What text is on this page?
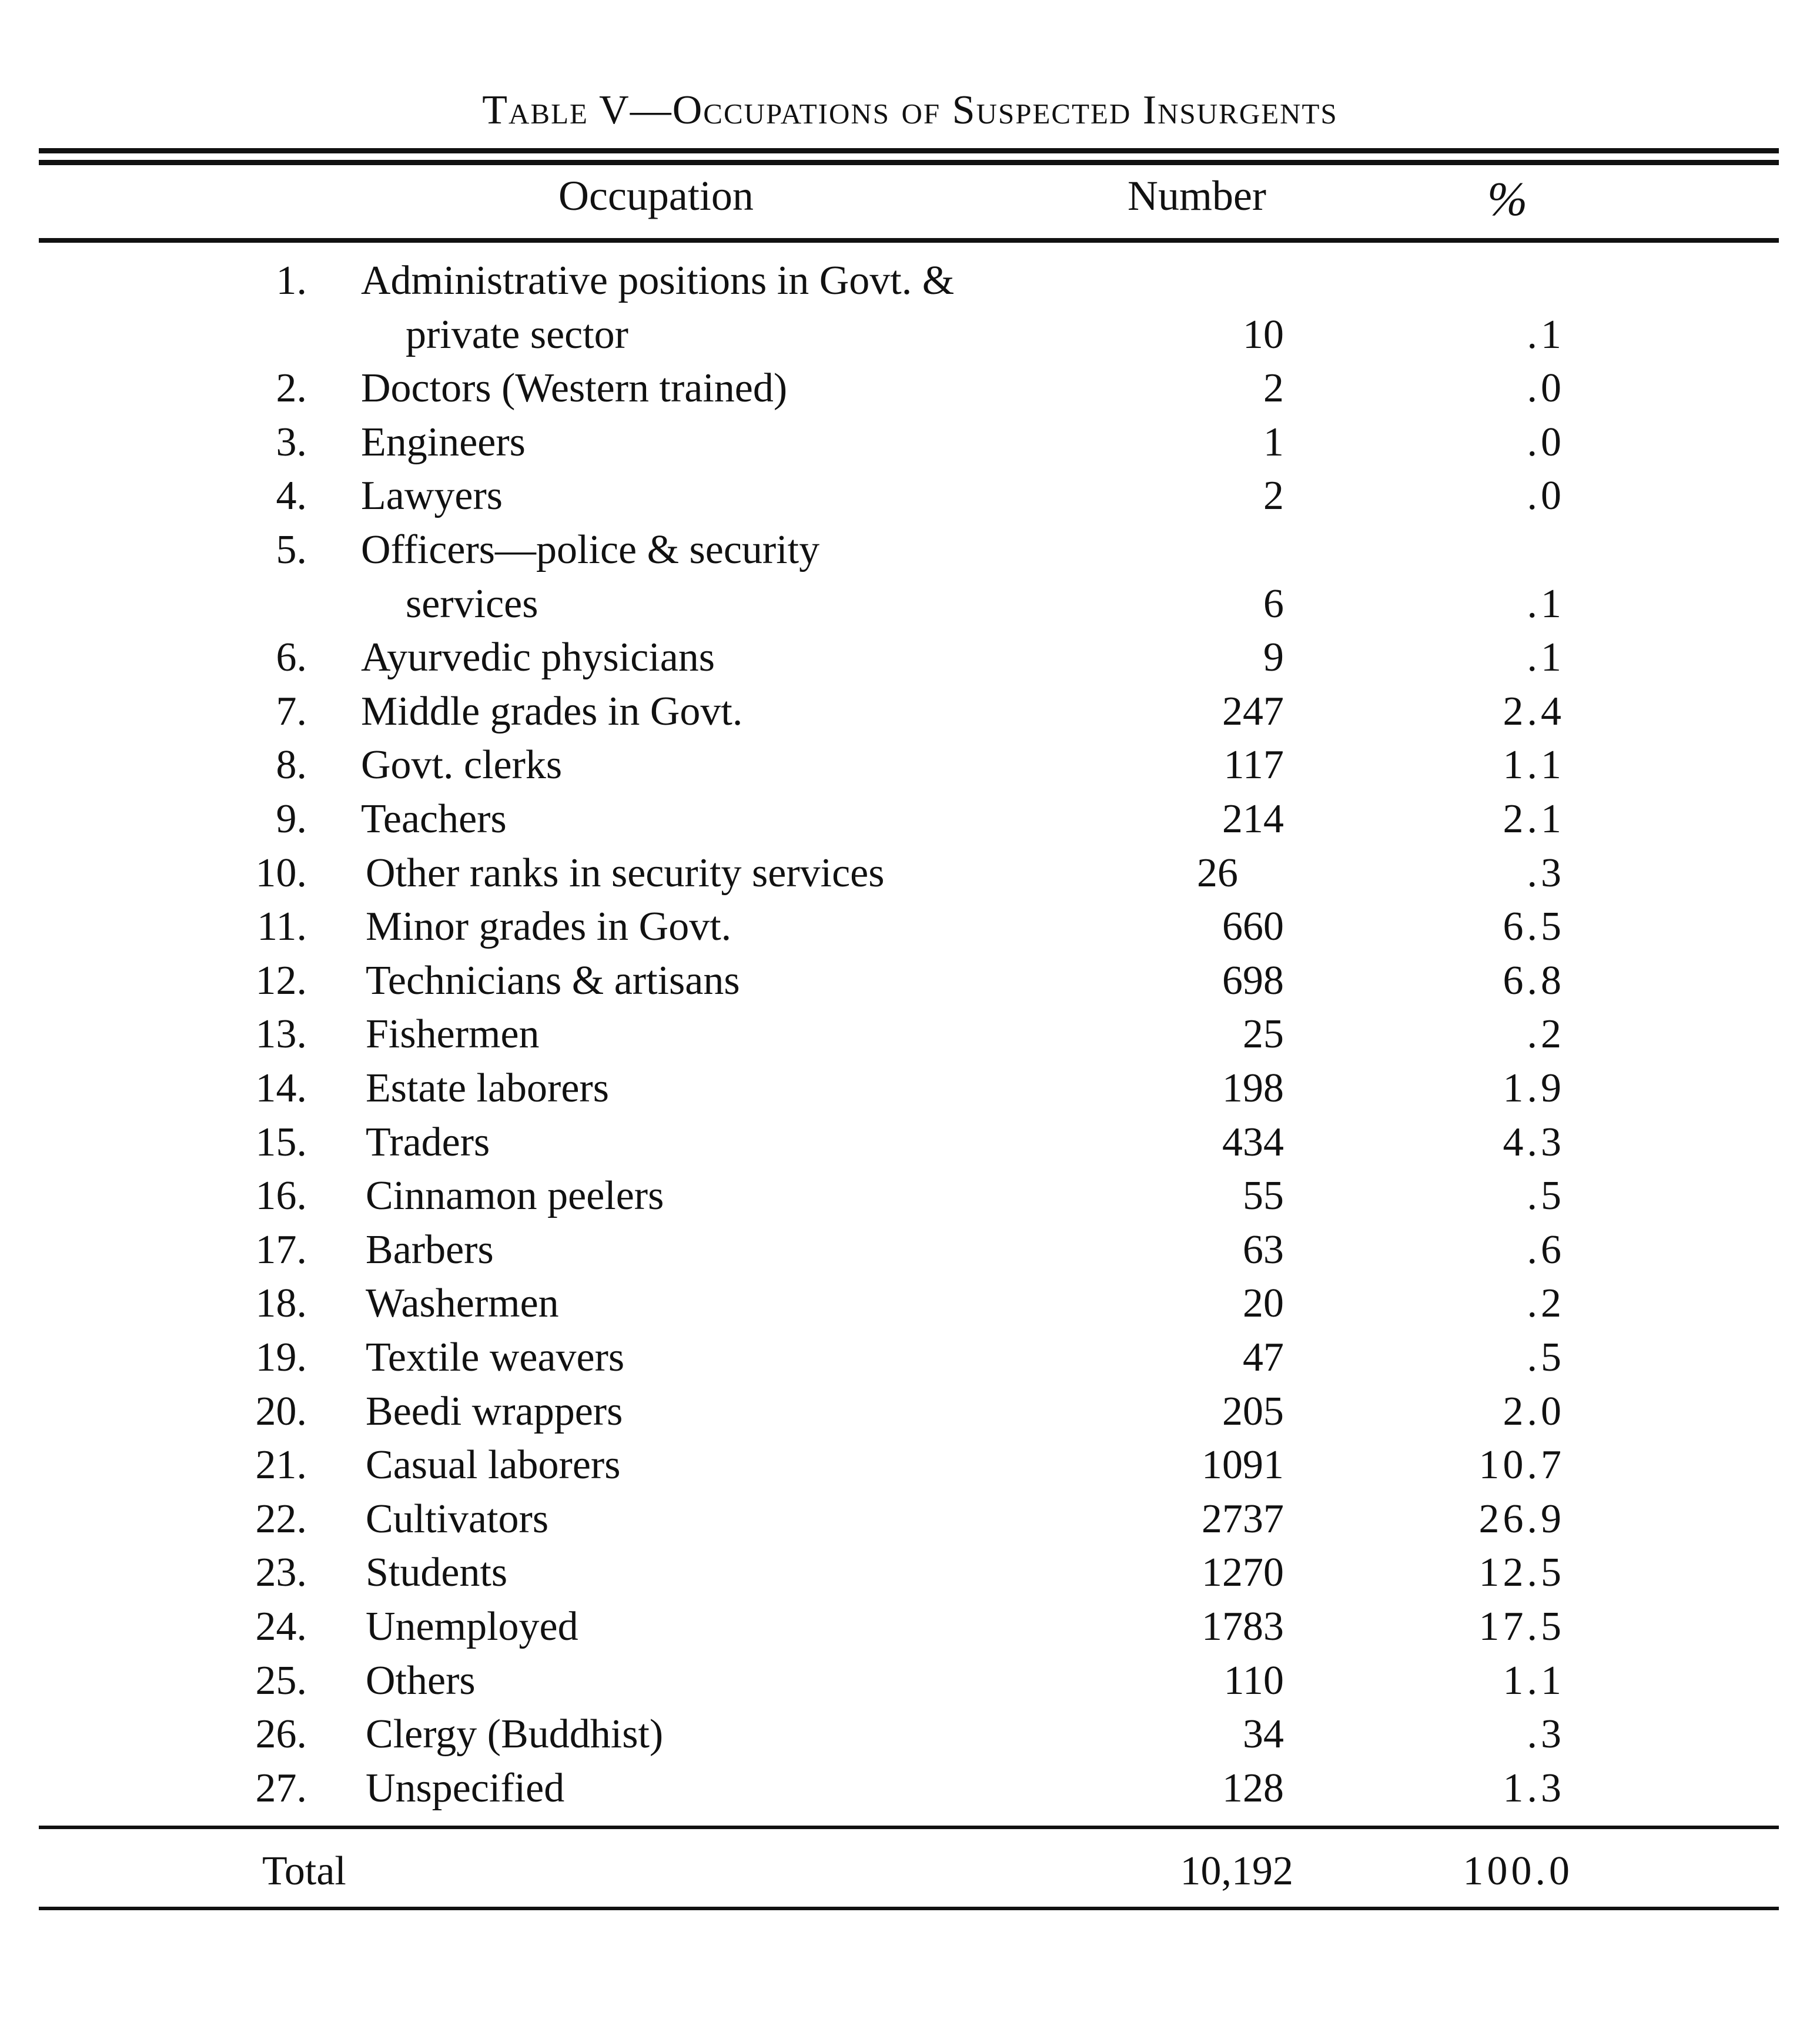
Table V—Occupations of Suspected Insurgents
Occupation	Number	%
1. Administrative positions in Govt. &
private sector	10	.1
2. Doctors (Western trained)	2	.0
3. Engineers	1	.0
4. Lawyers	2	.0
5. Officers—police & security
services	6	.1
6. Ayurvedic physicians	9	.1
7. Middle grades in Govt.	247	2.4
8. Govt. clerks	117	1.1
9. Teachers	214	2.1
10. Other ranks in security services	26	.3
11. Minor grades in Govt.	660	6.5
12. Technicians & artisans	698	6.8
13. Fishermen	25	.2
14. Estate laborers	198	1.9
15. Traders	434	4.3
16. Cinnamon peelers	55	.5
17. Barbers	63	.6
18. Washermen	20	.2
19. Textile weavers	47	.5
20. Beedi wrappers	205	2.0
21. Casual laborers	1091	10.7
22. Cultivators	2737	26.9
23. Students	1270	12.5
24. Unemployed	1783	17.5
25. Others	110	1.1
26. Clergy (Buddhist)	34	.3
27. Unspecified	128	1.3
Total	10,192	100.0
